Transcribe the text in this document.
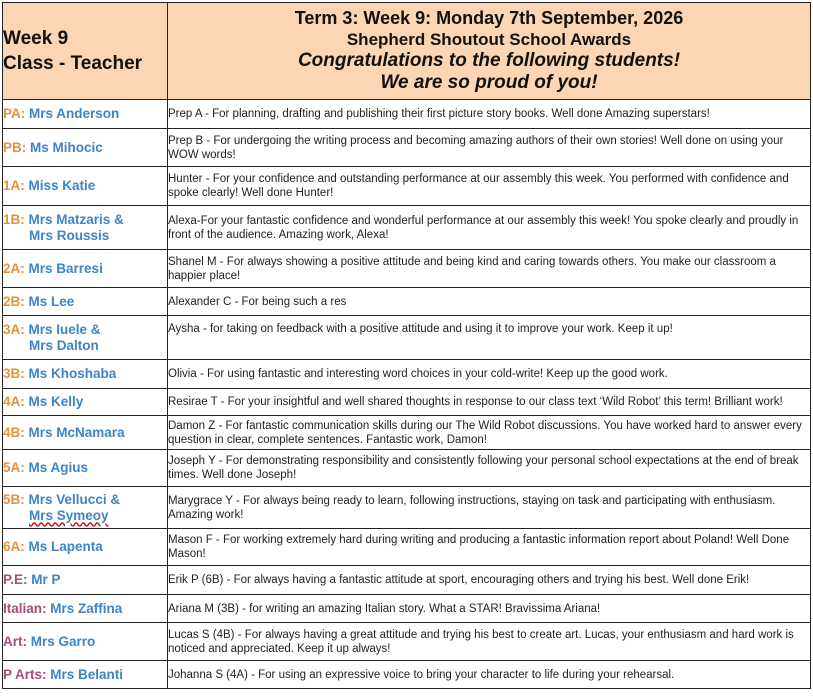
Week 9
Class - Teacher	Term 3: Week 9: Monday 7th September, 2026
Shepherd Shoutout School Awards
Congratulations to the following students!
We are so proud of you!

PA: Mrs Anderson	Prep A - For planning, drafting and publishing their first picture story books. Well done Amazing superstars!
PB: Ms Mihocic	Prep B - For undergoing the writing process and becoming amazing authors of their own stories! Well done on using your WOW words!
1A: Miss Katie	Hunter - For your confidence and outstanding performance at our assembly this week. You performed with confidence and spoke clearly! Well done Hunter!
1B: Mrs Matzaris &
Mrs Roussis	Alexa-For your fantastic confidence and wonderful performance at our assembly this week! You spoke clearly and proudly in front of the audience. Amazing work, Alexa!
2A: Mrs Barresi	Shanel M - For always showing a positive attitude and being kind and caring towards others. You make our classroom a happier place!
2B: Ms Lee	Alexander C - For being such a res
3A: Mrs Iuele &
Mrs Dalton	Aysha - for taking on feedback with a positive attitude and using it to improve your work. Keep it up!
3B: Ms Khoshaba	Olivia - For using fantastic and interesting word choices in your cold-write! Keep up the good work.
4A: Ms Kelly	Resirae T - For your insightful and well shared thoughts in response to our class text ‘Wild Robot’ this term! Brilliant work!
4B: Mrs McNamara	Damon Z - For fantastic communication skills during our The Wild Robot discussions. You have worked hard to answer every question in clear, complete sentences. Fantastic work, Damon!
5A: Ms Agius	Joseph Y - For demonstrating responsibility and consistently following your personal school expectations at the end of break times. Well done Joseph!
5B: Mrs Vellucci &
Mrs Symeoy	Marygrace Y - For always being ready to learn, following instructions, staying on task and participating with enthusiasm. Amazing work!
6A: Ms Lapenta	Mason F - For working extremely hard during writing and producing a fantastic information report about Poland! Well Done Mason!
P.E: Mr P	Erik P (6B) - For always having a fantastic attitude at sport, encouraging others and trying his best. Well done Erik!
Italian: Mrs Zaffina	Ariana M (3B) - for writing an amazing Italian story. What a STAR! Bravissima Ariana!
Art: Mrs Garro	Lucas S (4B) - For always having a great attitude and trying his best to create art. Lucas, your enthusiasm and hard work is noticed and appreciated. Keep it up always!
P Arts: Mrs Belanti	Johanna S (4A) - For using an expressive voice to bring your character to life during your rehearsal.
